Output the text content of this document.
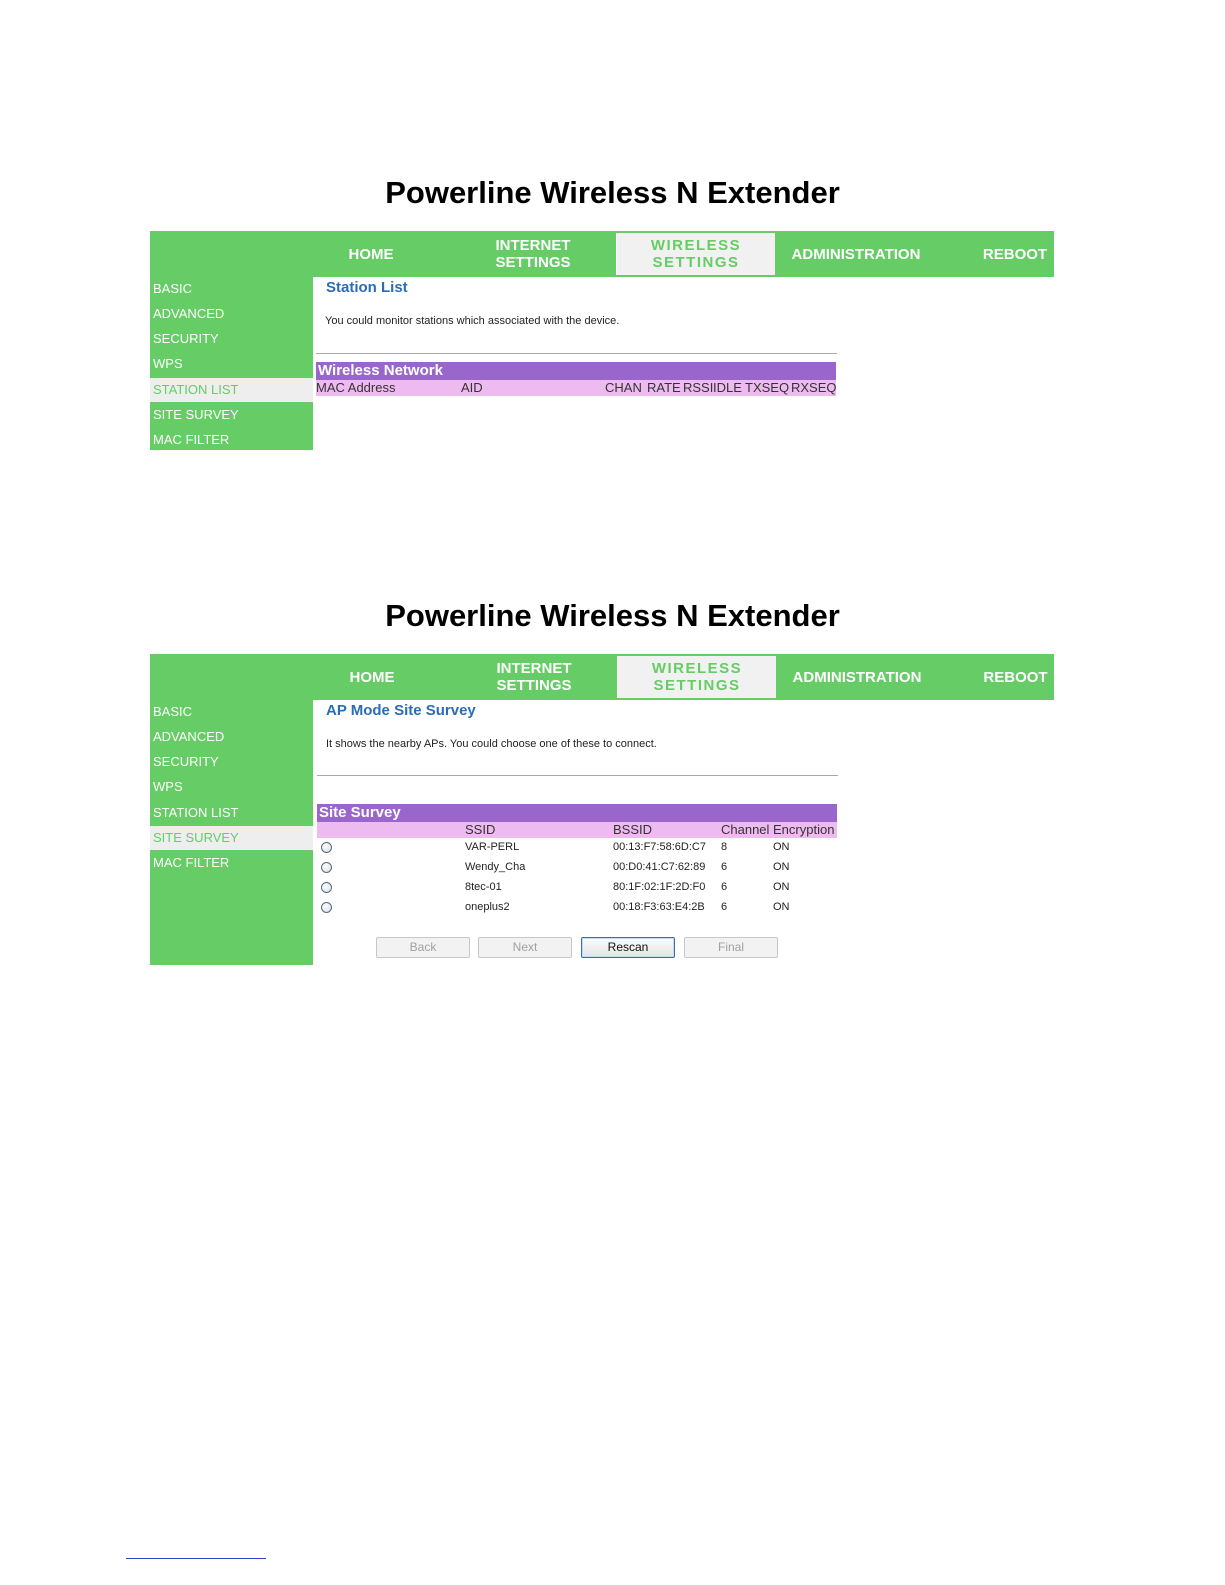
Powerline Wireless N Extender
HOME	INTERNET
SETTINGS
WIRELESS
SETTINGS	ADMINISTRATION	REBOOT
BASIC
ADVANCED
SECURITY
WPS
STATION LIST
SITE SURVEY
MAC FILTER
Station List
You could monitor stations which associated with the device.
Wireless Network
MAC Address	AID	CHAN RATE RSSI IDLE TXSEQ RXSEQ
Powerline Wireless N Extender
HOME	INTERNET
SETTINGS
WIRELESS
SETTINGS	ADMINISTRATION	REBOOT
BASIC
ADVANCED
SECURITY
WPS
STATION LIST
SITE SURVEY
MAC FILTER
AP Mode Site Survey
It shows the nearby APs. You could choose one of these to connect.
Site Survey
SSID	BSSID	Channel Encryption
VAR-PERL	00:13:F7:58:6D:C7 8	ON
Wendy_Cha	00:D0:41:C7:62:89 6	ON
8tec-01	80:1F:02:1F:2D:F0 6	ON
oneplus2	00:18:F3:63:E4:2B 6	ON
Back	Next	Rescan	Final
